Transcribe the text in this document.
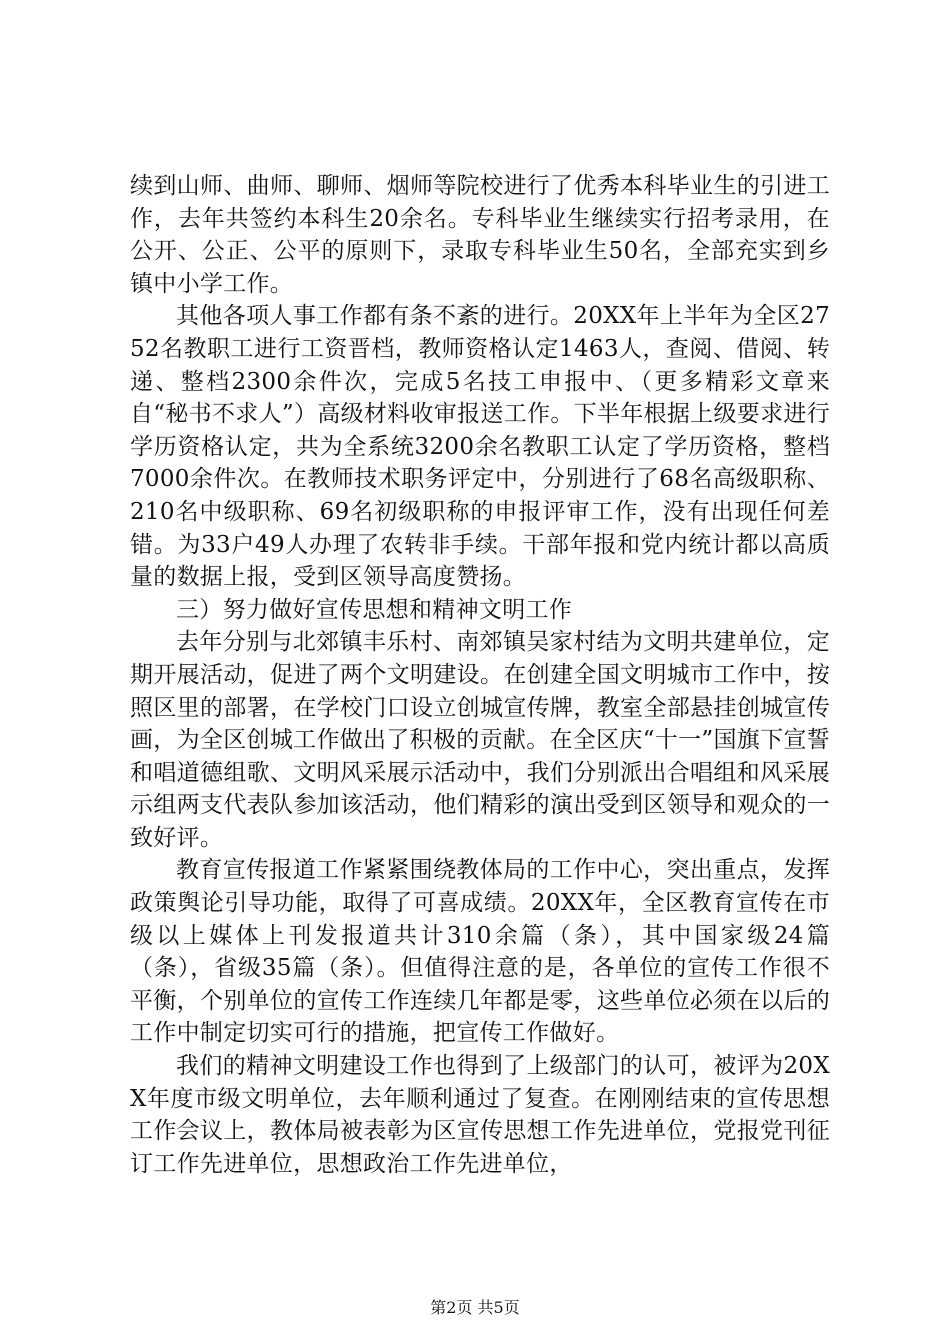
续到山师、曲师、聊师、烟师等院校进行了优秀本科毕业生的引进工作，去年共签约本科生20余名。专科毕业生继续实行招考录用，在公开、公正、公平的原则下，录取专科毕业生50名，全部充实到乡镇中小学工作。

其他各项人事工作都有条不紊的进行。20XX年上半年为全区2752名教职工进行工资晋档，教师资格认定1463人，查阅、借阅、转递、整档2300余件次，完成5名技工申报中、（更多精彩文章来自“秘书不求人”）高级材料收审报送工作。下半年根据上级要求进行学历资格认定，共为全系统3200余名教职工认定了学历资格，整档7000余件次。在教师技术职务评定中，分别进行了68名高级职称、210名中级职称、69名初级职称的申报评审工作，没有出现任何差错。为33户49人办理了农转非手续。干部年报和党内统计都以高质量的数据上报，受到区领导高度赞扬。

三）努力做好宣传思想和精神文明工作

去年分别与北郊镇丰乐村、南郊镇吴家村结为文明共建单位，定期开展活动，促进了两个文明建设。在创建全国文明城市工作中，按照区里的部署，在学校门口设立创城宣传牌，教室全部悬挂创城宣传画，为全区创城工作做出了积极的贡献。在全区庆“十一”国旗下宣誓和唱道德组歌、文明风采展示活动中，我们分别派出合唱组和风采展示组两支代表队参加该活动，他们精彩的演出受到区领导和观众的一致好评。

教育宣传报道工作紧紧围绕教体局的工作中心，突出重点，发挥政策舆论引导功能，取得了可喜成绩。20XX年，全区教育宣传在市级以上媒体上刊发报道共计310余篇（条），其中国家级24篇（条），省级35篇（条）。但值得注意的是，各单位的宣传工作很不平衡，个别单位的宣传工作连续几年都是零，这些单位必须在以后的工作中制定切实可行的措施，把宣传工作做好。

我们的精神文明建设工作也得到了上级部门的认可，被评为20XX年度市级文明单位，去年顺利通过了复查。在刚刚结束的宣传思想工作会议上，教体局被表彰为区宣传思想工作先进单位，党报党刊征订工作先进单位，思想政治工作先进单位，

第2页 共5页
